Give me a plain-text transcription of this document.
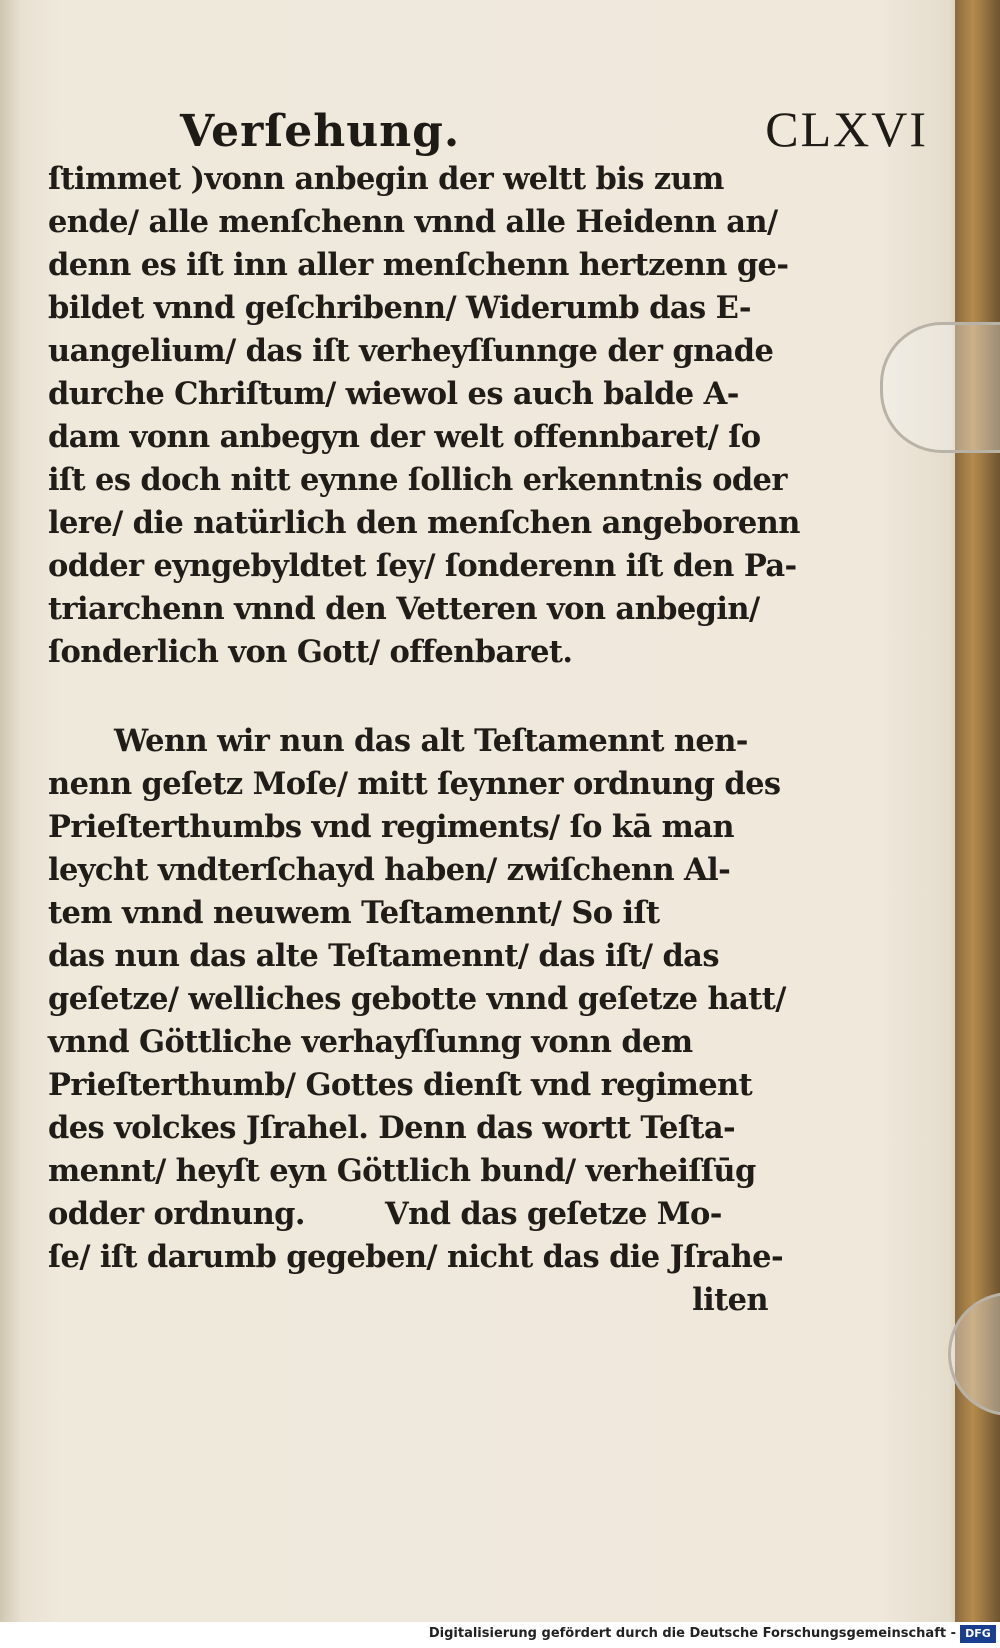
Verſehung.	CLXVI
ſtimmet )vonn anbegin der weltt bis zum
ende/ alle menſchenn vnnd alle Heidenn an/
denn es iſt inn aller menſchenn hertzenn ge-
bildet vnnd geſchribenn/ Widerumb das E-
uangelium/ das iſt verheyſſunnge der gnade
durche Chriſtum/ wiewol es auch balde A-
dam vonn anbegyn der welt offennbaret/ ſo
iſt es doch nitt eynne ſollich erkenntnis oder
lere/ die natürlich den menſchen angeborenn
odder eyngebyldtet ſey/ ſonderenn iſt den Pa-
triarchenn vnnd den Vetteren von anbegin/
ſonderlich von Gott/ offenbaret.
Wenn wir nun das alt Teſtamennt nen-
nenn geſetz Moſe/ mitt ſeynner ordnung des
Prieſterthumbs vnd regiments/ ſo kā man
leycht vndterſchayd haben/ zwiſchenn Al-
tem vnnd neuwem Teſtamennt/ So iſt
das nun das alte Teſtamennt/ das iſt/ das
geſetze/ welliches gebotte vnnd geſetze hatt/
vnnd Göttliche verhayſſunng vonn dem
Prieſterthumb/ Gottes dienſt vnd regiment
des volckes Jſrahel. Denn das wortt Teſta-
mennt/ heyſt eyn Göttlich bund/ verheiſſūg
odder ordnung.        Vnd das geſetze Mo-
ſe/ iſt darumb gegeben/ nicht das die Jſrahe-
liten
Digitalisierung gefördert durch die Deutsche Forschungsgemeinschaft - DFG
